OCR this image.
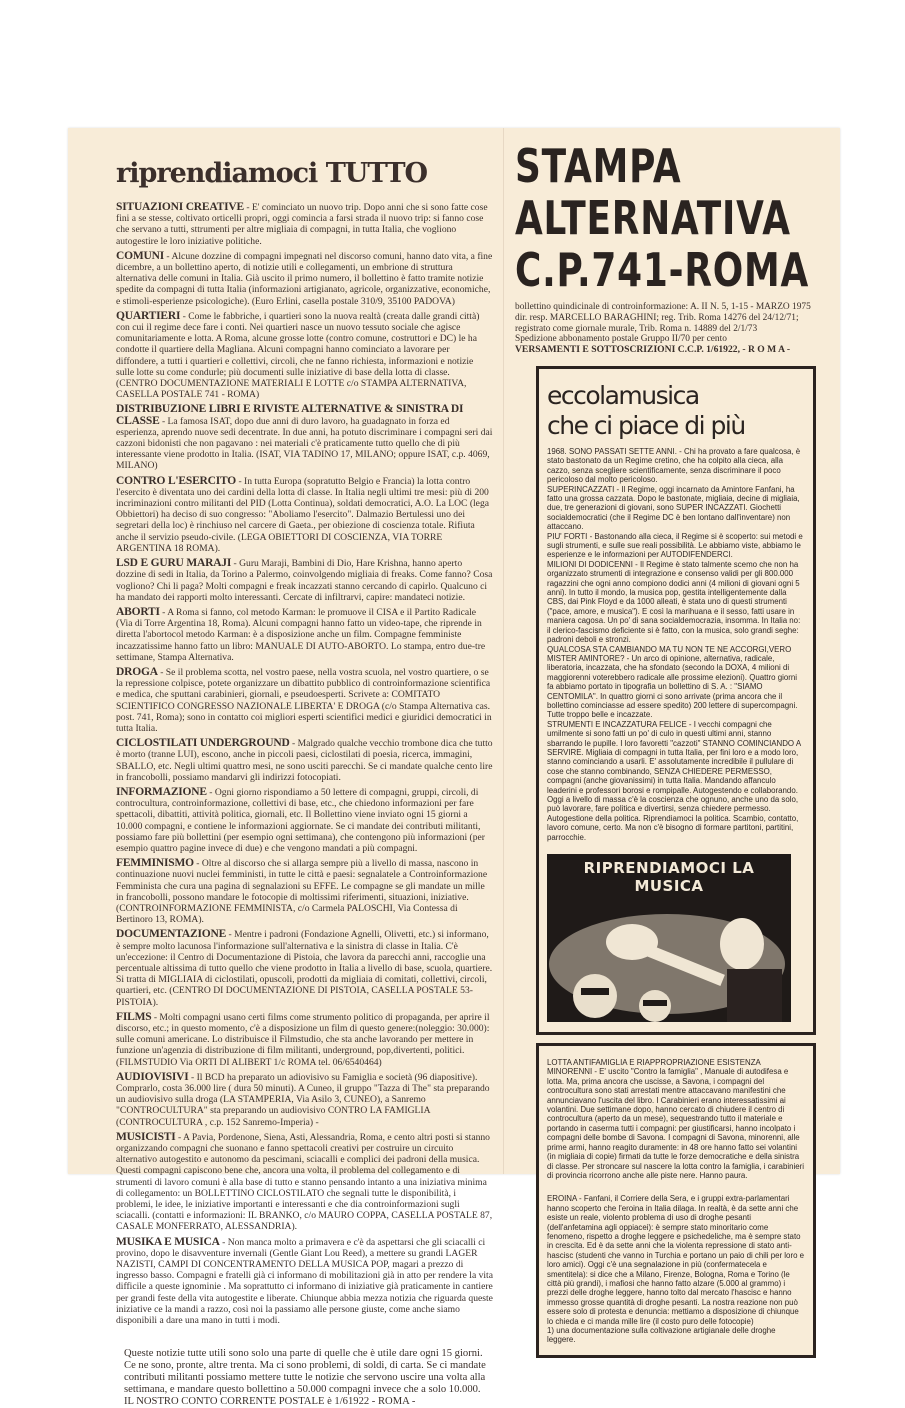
riprendiamoci TUTTO
SITUAZIONI CREATIVE - E' cominciato un nuovo trip. Dopo anni che si sono fatte cose fini a se stesse, coltivato orticelli propri, oggi comincia a farsi strada il nuovo trip: si fanno cose che servano a tutti, sttrumenti per altre migliaia di compagni, in tutta Italia, che vogliono autogestire le loro iniziative politiche.
COMUNI - Alcune dozzine di compagni impegnati nel discorso comuni, hanno dato vita, a fine dicembre, a un bollettino aperto, di notizie utili e collegamenti, un embrione di struttura alternativa delle comuni in Italia. Già uscito il primo numero, il bollettino è fatto tramite notizie spedite da compagni di tutta Italia (informazioni artigianato, agricole, organizzative, economiche, e stimoli-esperienze psicologiche). (Euro Erlini, casella postale 310/9, 35100 PADOVA)
QUARTIERI - Come le fabbriche, i quartieri sono la nuova realtà (creata dalle grandi città) con cui il regime dece fare i conti. Nei quartieri nasce un nuovo tessuto sociale che agisce comunitariamente e lotta. A Roma, alcune grosse lotte (contro comune, costruttori e DC) le ha condotte il quartiere della Magliana. Alcuni compagni hanno cominciato a lavorare per diffondere, a tutti i quartieri e collettivi, circoli, che ne fanno richiesta, informazioni e notizie sulle lotte su come condurle; più documenti sulle iniziative di base della lotta di classe. (CENTRO DOCUMENTAZIONE MATERIALI E LOTTE c/o STAMPA ALTERNATIVA, CASELLA POSTALE 741 - ROMA)
DISTRIBUZIONE LIBRI E RIVISTE ALTERNATIVE & SINISTRA DI CLASSE - La famosa ISAT, dopo due anni di duro lavoro, ha guadagnato in forza ed esperienza, aprendo nuove sedi decentrate. In due anni, ha potuto discriminare i compagni seri dai cazzoni bidonisti che non pagavano : nei materiali c'è praticamente tutto quello che di più interessante viene prodotto in Italia. (ISAT, VIA TADINO 17, MILANO; oppure ISAT, c.p. 4069, MILANO)
CONTRO L'ESERCITO - In tutta Europa (sopratutto Belgio e Francia) la lotta contro l'esercito è diventata uno dei cardini della lotta di classe. In Italia negli ultimi tre mesi: più di 200 incriminazioni contro militanti del PID (Lotta Continua), soldati democratici, A.O. La LOC (lega Obbiettori) ha deciso di suo congresso: "Aboliamo l'esercito". Dalmazio Bertulessi uno dei segretari della loc) è rinchiuso nel carcere di Gaeta., per obiezione di coscienza totale. Rifiuta anche il servizio pseudo-civile. (LEGA OBIETTORI DI COSCIENZA, VIA TORRE ARGENTINA 18 ROMA).
LSD E GURU MARAJI - Guru Maraji, Bambini di Dio, Hare Krishna, hanno aperto dozzine di sedi in Italia, da Torino a Palermo, coinvolgendo migliaia di freaks. Come fanno? Cosa vogliono? Chi li paga? Molti compagni e freak incazzati stanno cercando di capirlo. Qualcuno ci ha mandato dei rapporti molto interessanti. Cercate di infiltrarvi, capire: mandateci notizie.
ABORTI - A Roma si fanno, col metodo Karman: le promuove il CISA e il Partito Radicale (Via di Torre Argentina 18, Roma). Alcuni compagni hanno fatto un video-tape, che riprende in diretta l'abortocol metodo Karman: è a disposizione anche un film. Compagne femministe incazzatissime hanno fatto un libro: MANUALE DI AUTO-ABORTO. Lo stampa, entro due-tre settimane, Stampa Alternativa.
DROGA - Se il problema scotta, nel vostro paese, nella vostra scuola, nel vostro quartiere, o se la repressione colpisce, potete organizzare un dibattito pubblico di controinformazione scientifica e medica, che sputtani carabinieri, giornali, e pseudoesperti. Scrivete a: COMITATO SCIENTIFICO CONGRESSO NAZIONALE LIBERTA' E DROGA (c/o Stampa Alternativa cas. post. 741, Roma); sono in contatto coi migliori esperti scientifici medici e giuridici democratici in tutta Italia.
CICLOSTILATI UNDERGROUND - Malgrado qualche vecchio trombone dica che tutto è morto (tranne LUI), escono, anche in piccoli paesi, ciclostilati di poesia, ricerca, immagini, SBALLO, etc. Negli ultimi quattro mesi, ne sono usciti parecchi. Se ci mandate qualche cento lire in francobolli, possiamo mandarvi gli indirizzi fotocopiati.
INFORMAZIONE - Ogni giorno rispondiamo a 50 lettere di compagni, gruppi, circoli, di controcultura, controinformazione, collettivi di base, etc., che chiedono informazioni per fare spettacoli, dibattiti, attività politica, giornali, etc. Il Bollettino viene inviato ogni 15 giorni a 10.000 compagni, e contiene le informazioni aggiornate. Se ci mandate dei contributi militanti, possiamo fare più bollettini (per esempio ogni settimana), che contengono più informazioni (per esempio quattro pagine invece di due) e che vengono mandati a più compagni.
FEMMINISMO - Oltre al discorso che si allarga sempre più a livello di massa, nascono in continuazione nuovi nuclei femministi, in tutte le città e paesi: segnalatele a Controinformazione Femminista che cura una pagina di segnalazioni su EFFE. Le compagne se gli mandate un mille in francobolli, possono mandare le fotocopie di moltissimi riferimenti, situazioni, iniziative. (CONTROINFORMAZIONE FEMMINISTA, c/o Carmela PALOSCHI, Via Contessa di Bertinoro 13, ROMA).
DOCUMENTAZIONE - Mentre i padroni (Fondazione Agnelli, Olivetti, etc.) si informano, è sempre molto lacunosa l'informazione sull'alternativa e la sinistra di classe in Italia. C'è un'eccezione: il Centro di Documentazione di Pistoia, che lavora da parecchi anni, raccoglie una percentuale altissima di tutto quello che viene prodotto in Italia a livello di base, scuola, quartiere. Si tratta di MIGLIAIA di ciclostilati, opuscoli, prodotti da migliaia di comitati, collettivi, circoli, quartieri, etc. (CENTRO DI DOCUMENTAZIONE DI PISTOIA, CASELLA POSTALE 53-PISTOIA).
FILMS - Molti compagni usano certi films come strumento politico di propaganda, per aprire il discorso, etc.; in questo momento, c'è a disposizione un film di questo genere:(noleggio: 30.000): sulle comuni americane. Lo distribuisce il Filmstudio, che sta anche lavorando per mettere in funzione un'agenzia di distribuzione di film militanti, underground, pop,divertenti, politici. (FILMSTUDIO Via ORTI DI ALIBERT 1/c ROMA tel. 06/6540464)
AUDIOVISIVI - Il BCD ha preparato un adiovisivo su Famiglia e società (96 diapositive). Comprarlo, costa 36.000 lire ( dura 50 minuti). A Cuneo, il gruppo "Tazza di The" sta preparando un audiovisivo sulla droga (LA STAMPERIA, Via Asilo 3, CUNEO), a Sanremo "CONTROCULTURA" sta preparando un audiovisivo CONTRO LA FAMIGLIA (CONTROCULTURA , c.p. 152 Sanremo-Imperia) -
MUSICISTI - A Pavia, Pordenone, Siena, Asti, Alessandria, Roma, e cento altri posti si stanno organizzando compagni che suonano e fanno spettacoli creativi per costruire un circuito alternativo autogestito e autonomo da pescimani, sciacalli e complici dei padroni della musica. Questi compagni capiscono bene che, ancora una volta, il problema del collegamento e di strumenti di lavoro comuni è alla base di tutto e stanno pensando intanto a una iniziativa minima di collegamento: un BOLLETTINO CICLOSTILATO che segnali tutte le disponibilità, i problemi, le idee, le iniziative importanti e interessanti e che dia controinformazioni sugli sciacalli. (contatti e informazioni: IL BRANKO, c/o MAURO COPPA, CASELLA POSTALE 87, CASALE MONFERRATO, ALESSANDRIA).
MUSIKA E MUSICA - Non manca molto a primavera e c'è da aspettarsi che gli sciacalli ci provino, dopo le disavventure invernali (Gentle Giant Lou Reed), a mettere su grandi LAGER NAZISTI, CAMPI DI CONCENTRAMENTO DELLA MUSICA POP, magari a prezzo di ingresso basso. Compagni e fratelli già ci informano di mobilitazioni già in atto per rendere la vita difficile a queste ignominie . Ma soprattutto ci informano di iniziative già praticamente in cantiere per grandi feste della vita autogestite e liberate. Chiunque abbia mezza notizia che riguarda queste iniziative ce la mandi a razzo, così noi la passiamo alle persone giuste, come anche siamo disponibili a dare una mano in tutti i modi.
Queste notizie tutte utili sono solo una parte di quelle che è utile dare ogni 15 giorni. Ce ne sono, pronte, altre trenta. Ma ci sono problemi, di soldi, di carta. Se ci mandate contributi militanti possiamo mettere tutte le notizie che servono uscire una volta alla settimana, e mandare questo bollettino a 50.000 compagni invece che a solo 10.000.
IL NOSTRO CONTO CORRENTE POSTALE è 1/61922 - ROMA -
STAMPA
ALTERNATIVA
C.P.741-ROMA
bollettino quindicinale di controinformazione: A. II N. 5, 1-15 - MARZO 1975
dir. resp. MARCELLO BARAGHINI; reg. Trib. Roma 14276 del 24/12/71;
registrato come giornale murale, Trib. Roma n. 14889 del 2/1/73
Spedizione abbonamento postale Gruppo II/70 per cento
VERSAMENTI E SOTTOSCRIZIONI C.C.P. 1/61922, - R O M A -
eccolamusica
che ci piace di più

1968. SONO PASSATI SETTE ANNI. - Chi ha provato a fare qualcosa, è stato bastonato da un Regime cretino, che ha colpito alla cieca, alla cazzo, senza scegliere scientificamente, senza discriminare il poco pericoloso dal molto pericoloso.

SUPERINCAZZATI - Il Regime, oggi incarnato da Amintore Fanfani, ha fatto una grossa cazzata. Dopo le bastonate, migliaia, decine di migliaia, due, tre generazioni di giovani, sono SUPER INCAZZATI. Giochetti socialdemocratici (che il Regime DC è ben lontano dall'inventare) non attaccano.

PIU' FORTI - Bastonando alla cieca, il Regime si è scoperto: sui metodi e sugli strumenti, e sulle sue reali possibilità. Le abbiamo viste, abbiamo le esperienze e le informazioni per AUTODIFENDERCI.

MILIONI DI DODICENNI - Il Regime è stato talmente scemo che non ha organizzato strumenti di integrazione e consenso validi per gli 800.000 ragazzini che ogni anno compiono dodici anni (4 milioni di giovani ogni 5 anni). In tutto il mondo, la musica pop, gestita intelligentemente dalla CBS, dai Pink Floyd e da 1000 alleati, è stata uno di questi strumenti ("pace, amore, e musica"). E così la marihuana e il sesso, fatti usare in maniera cagosa. Un po' di sana socialdemocrazia, insomma. In Italia no: il clerico-fascismo deficiente si è fatto, con la musica, solo grandi seghe: padroni deboli e stronzi.

QUALCOSA STA CAMBIANDO MA TU NON TE NE ACCORGI,VERO MISTER AMINTORE? - Un arco di opinione, alternativa, radicale, liberatoria, incazzata, che ha sfondato (secondo la DOXA, 4 milioni di maggiorenni voterebbero radicale alle prossime elezioni). Quattro giorni fa abbiamo portato in tipografia un bollettino di S. A. : "SIAMO CENTOMILA". In quattro giorni ci sono arrivate (prima ancora che il bollettino cominciasse ad essere spedito) 200 lettere di supercompagni. Tutte troppo belle e incazzate.

STRUMENTI E INCAZZATURA FELICE - I vecchi compagni che umilmente si sono fatti un po' di culo in questi ultimi anni, stanno sbarrando le pupille. I loro favoretti "cazzoti" STANNO COMINCIANDO A SERVIRE. Migliaia di compagni in tutta Italia, per fini loro e a modo loro, stanno cominciando a usarli. E' assolutamente incredibile il pullulare di cose che stanno combinando, SENZA CHIEDERE PERMESSO, compagni (anche giovanissimi) in tutta Italia. Mandando affanculo leaderini e professori borosi e rompipalle. Autogestendo e collaborando.

Oggi a livello di massa c'è la coscienza che ognuno, anche uno da solo, può lavorare, fare politica e divertirsi, senza chiedere permesso. Autogestione della politica. Riprendiamoci la politica. Scambio, contatto, lavoro comune, certo. Ma non c'è bisogno di formare partitoni, partitini, parrocchie.

RIPRENDIAMOCI LA MUSICA

LOTTA ANTIFAMIGLIA E RIAPPROPRIAZIONE ESISTENZA MINORENNI - E' uscito "Contro la famiglia" , Manuale di autodifesa e lotta. Ma, prima ancora che uscisse, a Savona, i compagni del controcultura sono stati arrestati mentre attaccavano manifestini che annunciavano l'uscita del libro. I Carabinieri erano interessatissimi ai volantini. Due settimane dopo, hanno cercato di chiudere il centro di controcultura (aperto da un mese), sequestrando tutto il materiale e portando in caserma tutti i compagni: per giustificarsi, hanno incolpato i compagni delle bombe di Savona. I compagni di Savona, minorenni, alle prime armi, hanno reagito duramente: in 48 ore hanno fatto sei volantini (in migliaia di copie) firmati da tutte le forze democratiche e della sinistra di classe. Per stroncare sul nascere la lotta contro la famiglia, i carabinieri di provincia ricorrono anche alle piste nere. Hanno paura.

EROINA - Fanfani, il Corriere della Sera, e i gruppi extra-parlamentari hanno scoperto che l'eroina in Italia dilaga. In realtà, è da sette anni che esiste un reale, violento problema di uso di droghe pesanti (dell'anfetamina agli oppiacei): è sempre stato minoritario come fenomeno, rispetto a droghe leggere e psichedeliche, ma è sempre stato in crescita. Ed è da sette anni che la violenta repressione di stato anti-hascisc (studenti che vanno in Turchia e portano un paio di chili per loro e loro amici). Oggi c'è una segnalazione in più (confermatecela e smentitela): si dice che a Milano, Firenze, Bologna, Roma e Torino (le città più grandi), i mafiosi che hanno fatto alzare (5.000 al grammo) i prezzi delle droghe leggere, hanno tolto dal mercato l'hascisc e hanno immesso grosse quantità di droghe pesanti. La nostra reazione non può essere solo di protesta e denuncia: mettiamo a disposizione di chiunque lo chieda e ci manda mille lire (il costo puro delle fotocopie)

1) una documentazione sulla coltivazione artigianale delle droghe leggere.
